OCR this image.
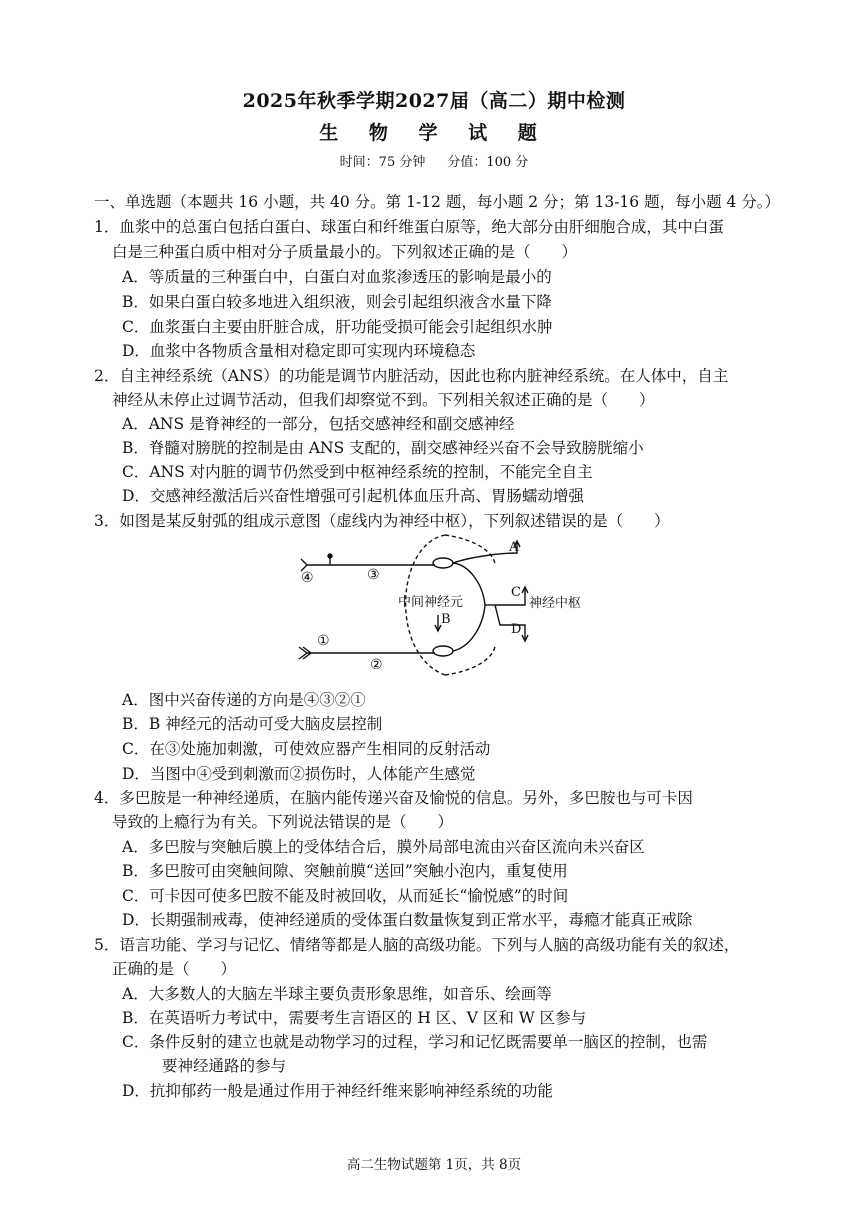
2025年秋季学期2027届（高二）期中检测
生 物 学 试 题
时间：75 分钟 分值：100 分
一、单选题（本题共 16 小题，共 40 分。第 1-12 题，每小题 2 分；第 13-16 题，每小题 4 分。）
1．血浆中的总蛋白包括白蛋白、球蛋白和纤维蛋白原等，绝大部分由肝细胞合成，其中白蛋
白是三种蛋白质中相对分子质量最小的。下列叙述正确的是（　　）
A．等质量的三种蛋白中，白蛋白对血浆渗透压的影响是最小的
B．如果白蛋白较多地进入组织液，则会引起组织液含水量下降
C．血浆蛋白主要由肝脏合成，肝功能受损可能会引起组织水肿
D．血浆中各物质含量相对稳定即可实现内环境稳态
2．自主神经系统（ANS）的功能是调节内脏活动，因此也称内脏神经系统。在人体中，自主
神经从未停止过调节活动，但我们却察觉不到。下列相关叙述正确的是（　　）
A．ANS 是脊神经的一部分，包括交感神经和副交感神经
B．脊髓对膀胱的控制是由 ANS 支配的，副交感神经兴奋不会导致膀胱缩小
C．ANS 对内脏的调节仍然受到中枢神经系统的控制，不能完全自主
D．交感神经激活后兴奋性增强可引起机体血压升高、胃肠蠕动增强
3．如图是某反射弧的组成示意图（虚线内为神经中枢），下列叙述错误的是（　　）
④	③
①
②
A
B
C
D
中间神经元	神经中枢
A．图中兴奋传递的方向是④③②①
B．B 神经元的活动可受大脑皮层控制
C．在③处施加刺激，可使效应器产生相同的反射活动
D．当图中④受到刺激而②损伤时，人体能产生感觉
4．多巴胺是一种神经递质，在脑内能传递兴奋及愉悦的信息。另外，多巴胺也与可卡因
导致的上瘾行为有关。下列说法错误的是（　　）
A．多巴胺与突触后膜上的受体结合后，膜外局部电流由兴奋区流向未兴奋区
B．多巴胺可由突触间隙、突触前膜“送回”突触小泡内，重复使用
C．可卡因可使多巴胺不能及时被回收，从而延长“愉悦感”的时间
D．长期强制戒毒，使神经递质的受体蛋白数量恢复到正常水平，毒瘾才能真正戒除
5．语言功能、学习与记忆、情绪等都是人脑的高级功能。下列与人脑的高级功能有关的叙述，
正确的是（　　）
A．大多数人的大脑左半球主要负责形象思维，如音乐、绘画等
B．在英语听力考试中，需要考生言语区的 H 区、V 区和 W 区参与
C．条件反射的建立也就是动物学习的过程，学习和记忆既需要单一脑区的控制，也需
要神经通路的参与
D．抗抑郁药一般是通过作用于神经纤维来影响神经系统的功能
高二生物试题第 1页，共 8页
